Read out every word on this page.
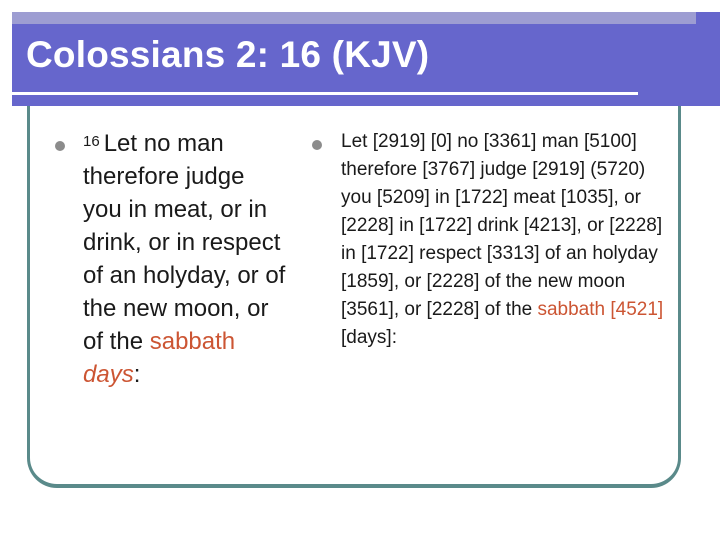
Colossians 2: 16 (KJV)
$^{16}$ Let no man therefore judge you in meat, or in drink, or in respect of an holyday, or of the new moon, or of the sabbath days:
Let [2919] [0] no [3361] man [5100] therefore [3767] judge [2919] (5720) you [5209] in [1722] meat [1035], or [2228] in [1722] drink [4213], or [2228] in [1722] respect [3313] of an holyday [1859], or [2228] of the new moon [3561], or [2228] of the sabbath [4521] [days]:
